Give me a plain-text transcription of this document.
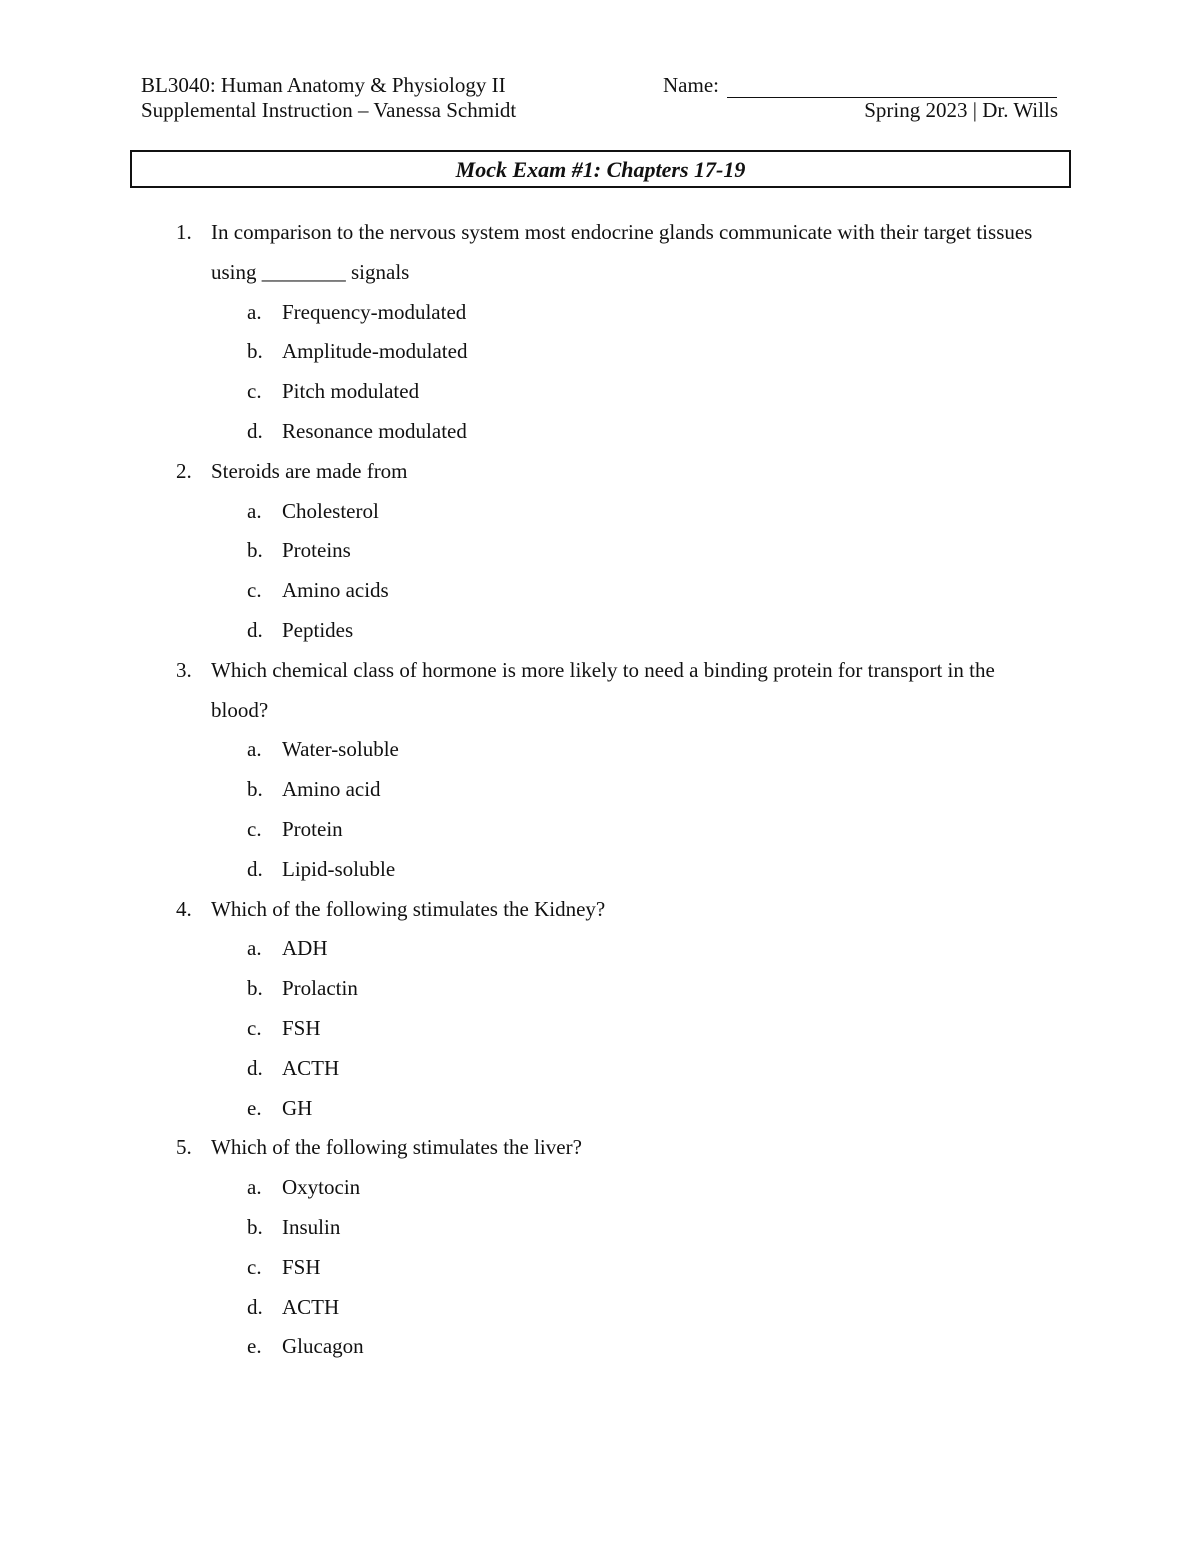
BL3040: Human Anatomy & Physiology II
Supplemental Instruction – Vanessa Schmidt
Name:
Spring 2023 | Dr. Wills
Mock Exam #1: Chapters 17-19
1. In comparison to the nervous system most endocrine glands communicate with their target tissues using ________ signals
a. Frequency-modulated
b. Amplitude-modulated
c. Pitch modulated
d. Resonance modulated
2. Steroids are made from
a. Cholesterol
b. Proteins
c. Amino acids
d. Peptides
3. Which chemical class of hormone is more likely to need a binding protein for transport in the blood?
a. Water-soluble
b. Amino acid
c. Protein
d. Lipid-soluble
4. Which of the following stimulates the Kidney?
a. ADH
b. Prolactin
c. FSH
d. ACTH
e. GH
5. Which of the following stimulates the liver?
a. Oxytocin
b. Insulin
c. FSH
d. ACTH
e. Glucagon
